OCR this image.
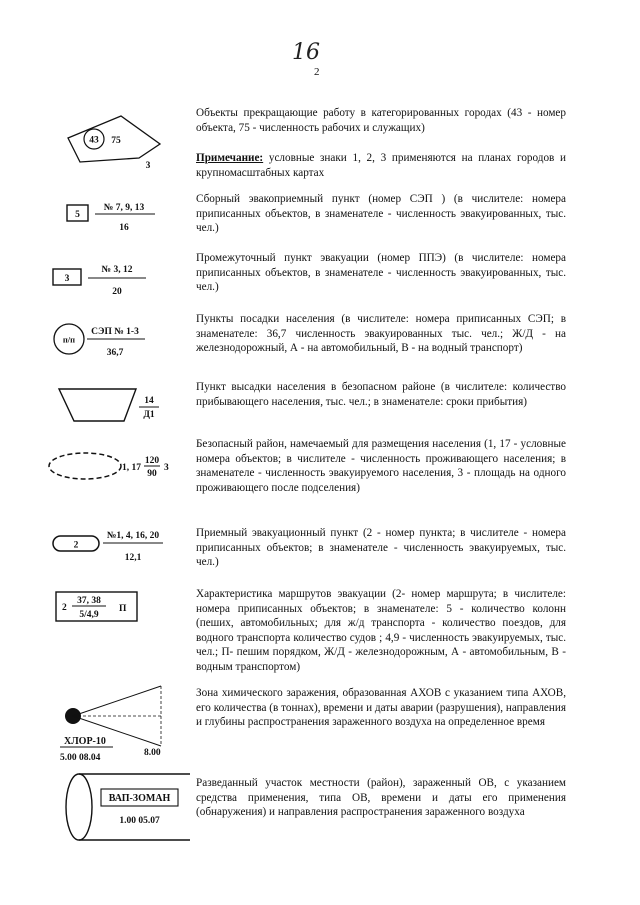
16
2
43 75
3
5
№ 7, 9, 13
16
3
№ 3, 12
20
п/п
СЭП № 1-3
36,7
14
Д1
1, 17
120
90
3
2
№1, 4, 16, 20
12,1
2
37, 38
5/4,9
П
ХЛОР-10
5.00 08.04	8.00
ВАП-ЗОМАН
1.00 05.07
Объекты прекращающие работу в категорированных городах (43 - номер объекта, 75 - численность рабочих и служащих)
Примечание: условные знаки 1, 2, 3 применяются на планах городов и крупномасштабных картах
Сборный эвакоприемный пункт (номер СЭП ) (в числителе: номера приписанных объектов, в знаменателе - численность эвакуированных, тыс. чел.)
Промежуточный пункт эвакуации (номер ППЭ) (в числителе: номера приписанных объектов, в знаменателе - численность эвакуированных, тыс. чел.)
Пункты посадки населения (в числителе: номера приписанных СЭП; в знаменателе: 36,7 численность эвакуированных тыс. чел.; Ж/Д - на железнодорожный, А - на автомобильный, В - на водный транспорт)
Пункт высадки населения в безопасном районе (в числителе: количество прибывающего населения, тыс. чел.; в знаменателе: сроки прибытия)
Безопасный район, намечаемый для размещения населения (1, 17 - условные номера объектов; в числителе - численность проживающего населения; в знаменателе - численность эвакуируемого населения, 3 - площадь на одного проживающего после подселения)
Приемный эвакуационный пункт (2 - номер пункта; в числителе - номера приписанных объектов; в знаменателе - численность эвакуируемых, тыс. чел.)
Характеристика маршрутов эвакуации (2- номер маршрута; в числителе: номера приписанных объектов; в знаменателе: 5 - количество колонн (пеших, автомобильных; для ж/д транспорта - количество поездов, для водного транспорта количество судов ; 4,9 - численность эвакуируемых, тыс. чел.; П- пешим порядком, Ж/Д - железнодорожным, А - автомобильным, В - водным транспортом)
Зона химического заражения, образованная АХОВ с указанием типа АХОВ, его количества (в тоннах), времени и даты аварии (разрушения), направления и глубины распространения зараженного воздуха на определенное время
Разведанный участок местности (район), зараженный ОВ, с указанием средства применения, типа ОВ, времени и даты его применения (обнаружения) и направления распространения зараженного воздуха
